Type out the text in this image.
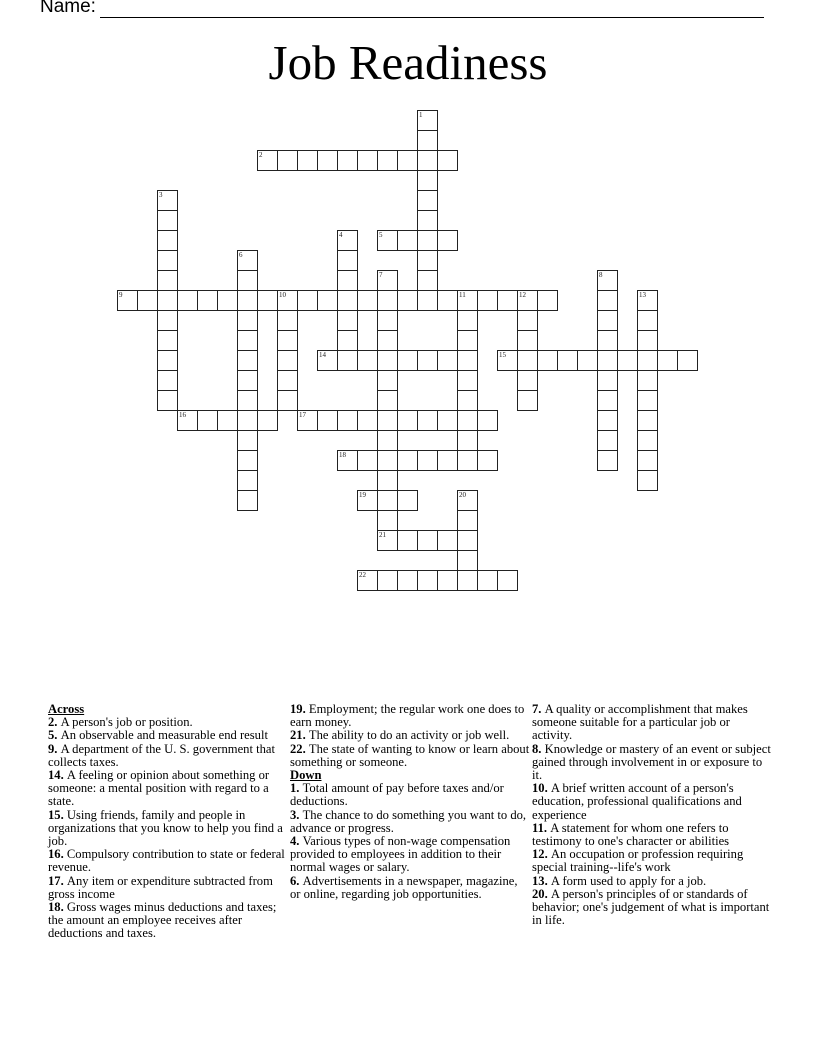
Name:
Job Readiness
1
2
3
4	5
6
7
21
8
9	10	11	12	13
14	15
16	17
18
19	20
22
Across

2. A person's job or position.

5. An observable and measurable end result

9. A department of the U. S. government that collects taxes.

14. A feeling or opinion about something or someone: a mental position with regard to a state.

15. Using friends, family and people in organizations that you know to help you find a job.

16. Compulsory contribution to state or federal revenue.

17. Any item or expenditure subtracted from gross income

18. Gross wages minus deductions and taxes; the amount an employee receives after deductions and taxes.

19. Employment; the regular work one does to earn money.

21. The ability to do an activity or job well.

22. The state of wanting to know or learn about something or someone.

Down

1. Total amount of pay before taxes and/or deductions.

3. The chance to do something you want to do, advance or progress.

4. Various types of non-wage compensation provided to employees in addition to their normal wages or salary.

6. Advertisements in a newspaper, magazine, or online, regarding job opportunities.

7. A quality or accomplishment that makes someone suitable for a particular job or activity.

8. Knowledge or mastery of an event or subject gained through involvement in or exposure to it.

10. A brief written account of a person's education, professional qualifications and experience

11. A statement for whom one refers to testimony to one's character or abilities

12. An occupation or profession requiring special training--life's work

13. A form used to apply for a job.

20. A person's principles of or standards of behavior; one's judgement of what is important in life.
